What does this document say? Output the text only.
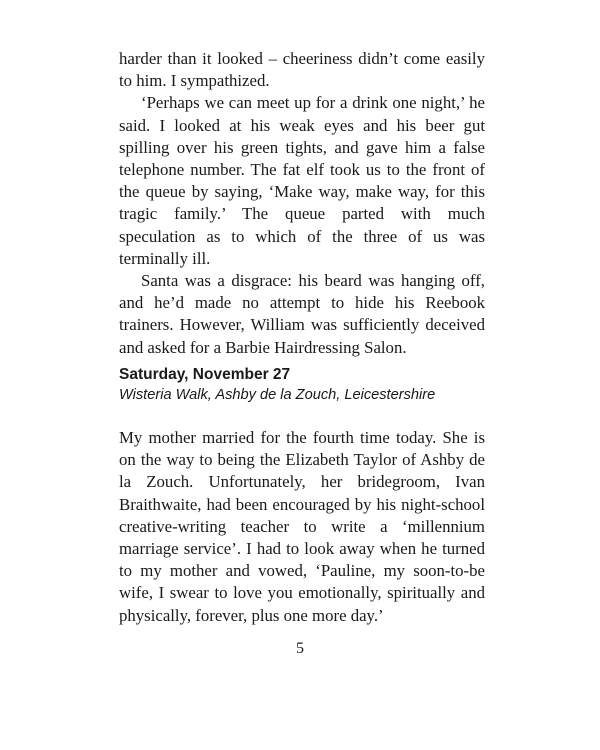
harder than it looked – cheeriness didn’t come easily to him. I sympathized.

‘Perhaps we can meet up for a drink one night,’ he said. I looked at his weak eyes and his beer gut spilling over his green tights, and gave him a false telephone number. The fat elf took us to the front of the queue by saying, ‘Make way, make way, for this tragic family.’ The queue parted with much speculation as to which of the three of us was terminally ill.

Santa was a disgrace: his beard was hanging off, and he’d made no attempt to hide his Reebook trainers. However, William was sufficiently deceived and asked for a Barbie Hairdressing Salon.

Saturday, November 27
Wisteria Walk, Ashby de la Zouch, Leicestershire

My mother married for the fourth time today. She is on the way to being the Elizabeth Taylor of Ashby de la Zouch. Unfortunately, her bridegroom, Ivan Braithwaite, had been encouraged by his night-school creative-writing teacher to write a ‘millennium marriage service’. I had to look away when he turned to my mother and vowed, ‘Pauline, my soon-to-be wife, I swear to love you emotionally, spiritually and physically, forever, plus one more day.’

5
